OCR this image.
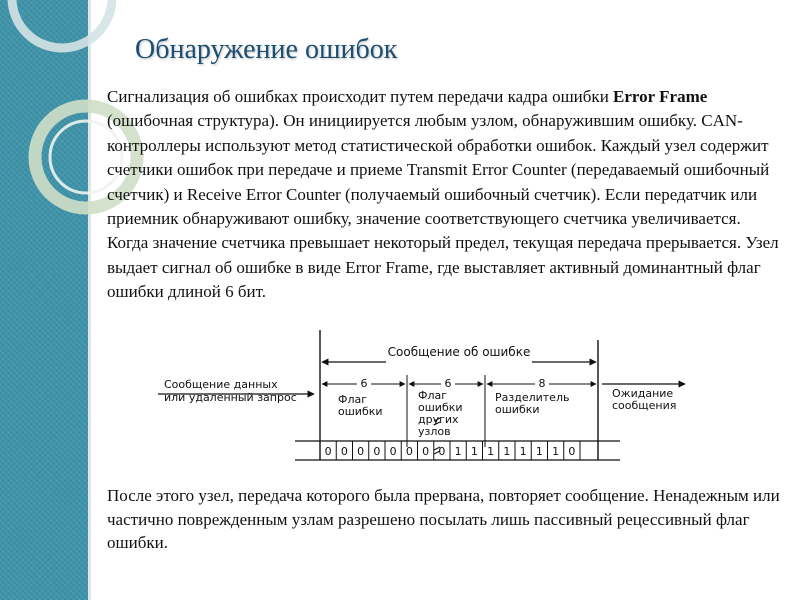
Обнаружение ошибок

Сигнализация об ошибках происходит путем передачи кадра ошибки Error Frame (ошибочная структура). Он инициируется любым узлом, обнаружившим ошибку. CAN-контроллеры используют метод статистической обработки ошибок. Каждый узел содержит счетчики ошибок при передаче и приеме Transmit Error Counter (передаваемый ошибочный счетчик) и Receive Error Counter (получаемый ошибочный счетчик). Если передатчик или приемник обнаруживают ошибку, значение соответствующего счетчика увеличивается. Когда значение счетчика превышает некоторый предел, текущая передача прерывается. Узел выдает сигнал об ошибке в виде Error Frame, где выставляет активный доминантный флаг ошибки длиной 6 бит.

Сообщение об ошибке
Сообщение данных
или удаленный запрос	Ожидание
сообщения
6
Флаг
ошибки
6
Флаг
ошибки
других
узлов
8
Разделитель
ошибки
0 0 0 0 0 0 0 0 1 1 1 1 1 1 1 0

После этого узел, передача которого была прервана, повторяет сообщение. Ненадежным или частично поврежденным узлам разрешено посылать лишь пассивный рецессивный флаг ошибки.
